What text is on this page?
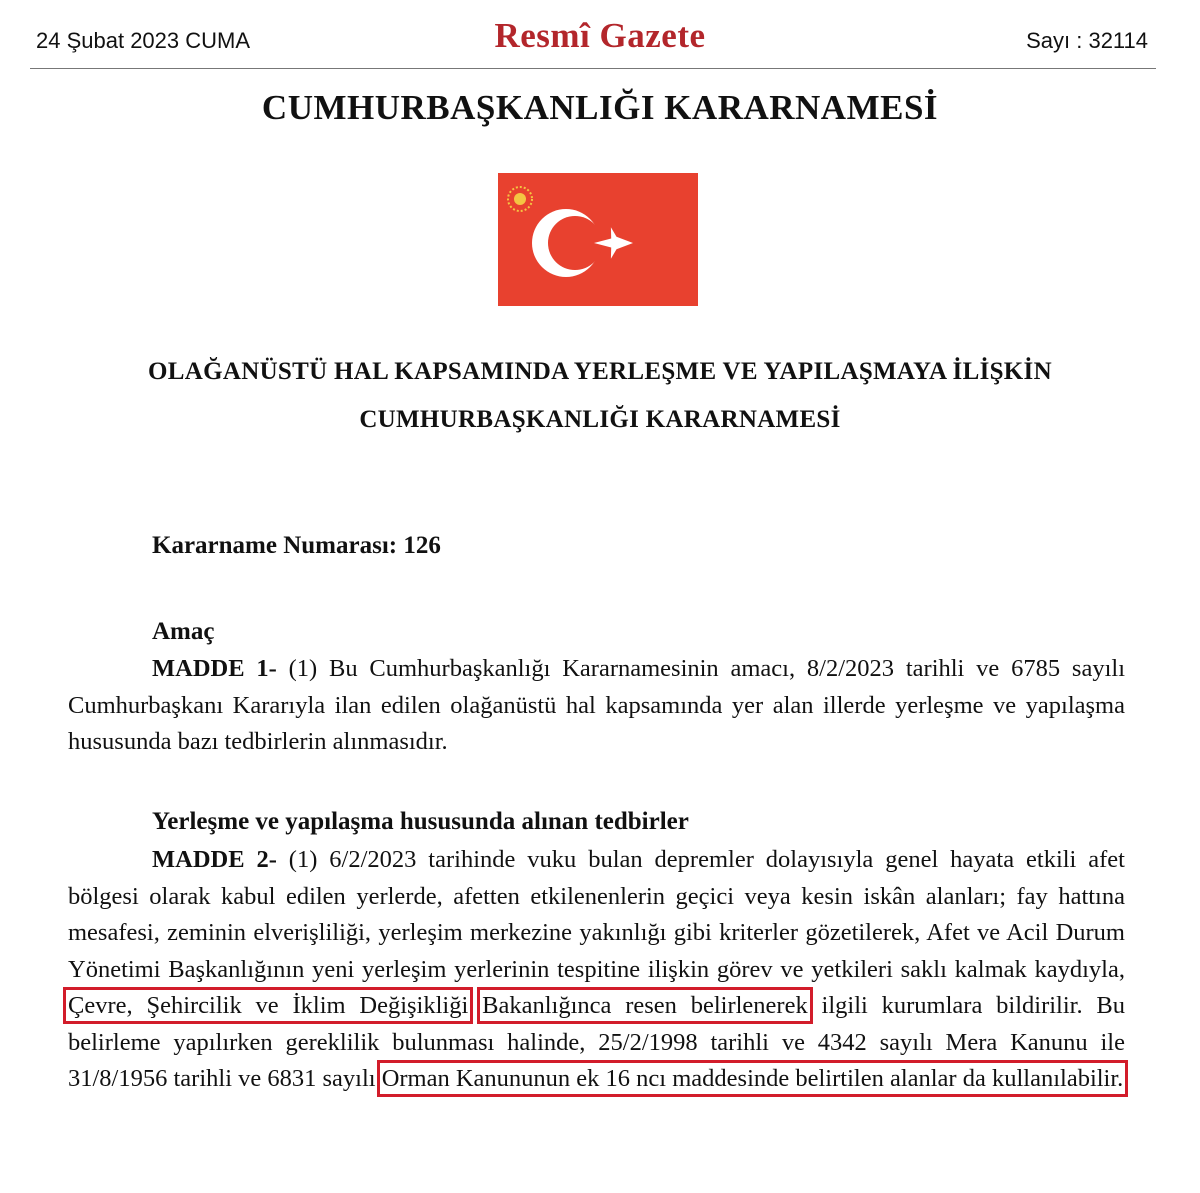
24 Şubat 2023 CUMA	Resmî Gazete	Sayı : 32114
CUMHURBAŞKANLIĞI KARARNAMESİ
OLAĞANÜSTÜ HAL KAPSAMINDA YERLEŞME VE YAPILAŞMAYA İLİŞKİN
CUMHURBAŞKANLIĞI KARARNAMESİ
Kararname Numarası: 126
Amaç
MADDE 1- (1) Bu Cumhurbaşkanlığı Kararnamesinin amacı, 8/2/2023 tarihli ve 6785 sayılı Cumhurbaşkanı Kararıyla ilan edilen olağanüstü hal kapsamında yer alan illerde yerleşme ve yapılaşma hususunda bazı tedbirlerin alınmasıdır.
Yerleşme ve yapılaşma hususunda alınan tedbirler
MADDE 2- (1) 6/2/2023 tarihinde vuku bulan depremler dolayısıyla genel hayata etkili afet bölgesi olarak kabul edilen yerlerde, afetten etkilenenlerin geçici veya kesin iskân alanları; fay hattına mesafesi, zeminin elverişliliği, yerleşim merkezine yakınlığı gibi kriterler gözetilerek, Afet ve Acil Durum Yönetimi Başkanlığının yeni yerleşim yerlerinin tespitine ilişkin görev ve yetkileri saklı kalmak kaydıyla, Çevre, Şehircilik ve İklim Değişikliği Bakanlığınca resen belirlenerek ilgili kurumlara bildirilir. Bu belirleme yapılırken gereklilik bulunması halinde, 25/2/1998 tarihli ve 4342 sayılı Mera Kanunu ile 31/8/1956 tarihli ve 6831 sayılı Orman Kanununun ek 16 ncı maddesinde belirtilen alanlar da kullanılabilir.
